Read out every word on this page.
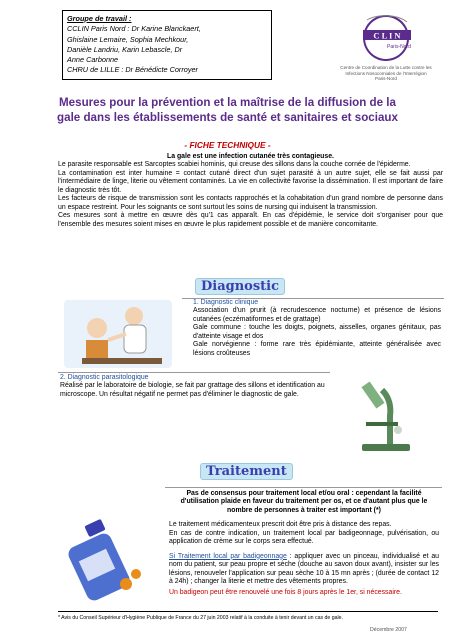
Groupe de travail :
CCLIN Paris Nord : Dr Karine Blanckaert,
Ghislaine Lemaire, Sophia Mechkour,
Danièle Landriu, Karin Lebascle, Dr
Anne Carbonne
CHRU de LILLE : Dr Bénédicte Corroyer
C L I N
Paris-Nord
Centre de Coordination de la Lutte contre les Infections Nosocomiales de l'Interrégion Paris-Nord
Mesures pour la prévention et la maîtrise de la diffusion de la gale dans les établissements de santé et sanitaires et sociaux
- FICHE TECHNIQUE -

La gale est une infection cutanée très contagieuse.

Le parasite responsable est Sarcoptes scabiei hominis, qui creuse des sillons dans la couche cornée de l'épiderme.

La contamination est inter humaine = contact cutané direct d'un sujet parasité à un autre sujet, elle se fait aussi par l'intermédiaire de linge, literie ou vêtement contaminés. La vie en collectivité favorise la dissémination. Il est important de faire le diagnostic très tôt.

Les facteurs de risque de transmission sont les contacts rapprochés et la cohabitation d'un grand nombre de personne dans un espace restreint. Pour les soignants ce sont surtout les soins de nursing qui induisent la transmission.

Ces mesures sont à mettre en œuvre dès qu'1 cas apparaît. En cas d'épidémie, le service doit s'organiser pour que l'ensemble des mesures soient mises en œuvre le plus rapidement possible et de manière concomitante.

Diagnostic
1. Diagnostic clinique
Association d'un prurit (à recrudescence nocturne) et présence de lésions cutanées (eczématiformes et de grattage)
Gale commune : touche les doigts, poignets, aisselles, organes génitaux, pas d'atteinte visage et dos
Gale norvégienne : forme rare très épidémiante, atteinte généralisée avec lésions croûteuses
2. Diagnostic parasitologique
Réalisé par le laboratoire de biologie, se fait par grattage des sillons et identification au microscope. Un résultat négatif ne permet pas d'éliminer le diagnostic de gale.
Traitement

Pas de consensus pour traitement local et/ou oral : cependant la facilité d'utilisation plaide en faveur du traitement per os, et ce d'autant plus que le nombre de personnes à traiter est important (*)

Le traitement médicamenteux prescrit doit être pris à distance des repas.
En cas de contre indication, un traitement local par badigeonnage, pulvérisation, ou application de crème sur le corps sera effectué.

Si Traitement local par badigeonnage : appliquer avec un pinceau, individualisé et au nom du patient, sur peau propre et sèche (douche au savon doux avant), insister sur les lésions, renouveler l'application sur peau sèche 10 à 15 mn après ; (durée de contact 12 à 24h) ; changer la literie et mettre des vêtements propres.

Un badigeon peut être renouvelé une fois 8 jours après le 1er, si nécessaire.

* Avis du Conseil Supérieur d'Hygiène Publique de France du 27 juin 2003 relatif à la conduite à tenir devant un cas de gale.
Décembre 2007
